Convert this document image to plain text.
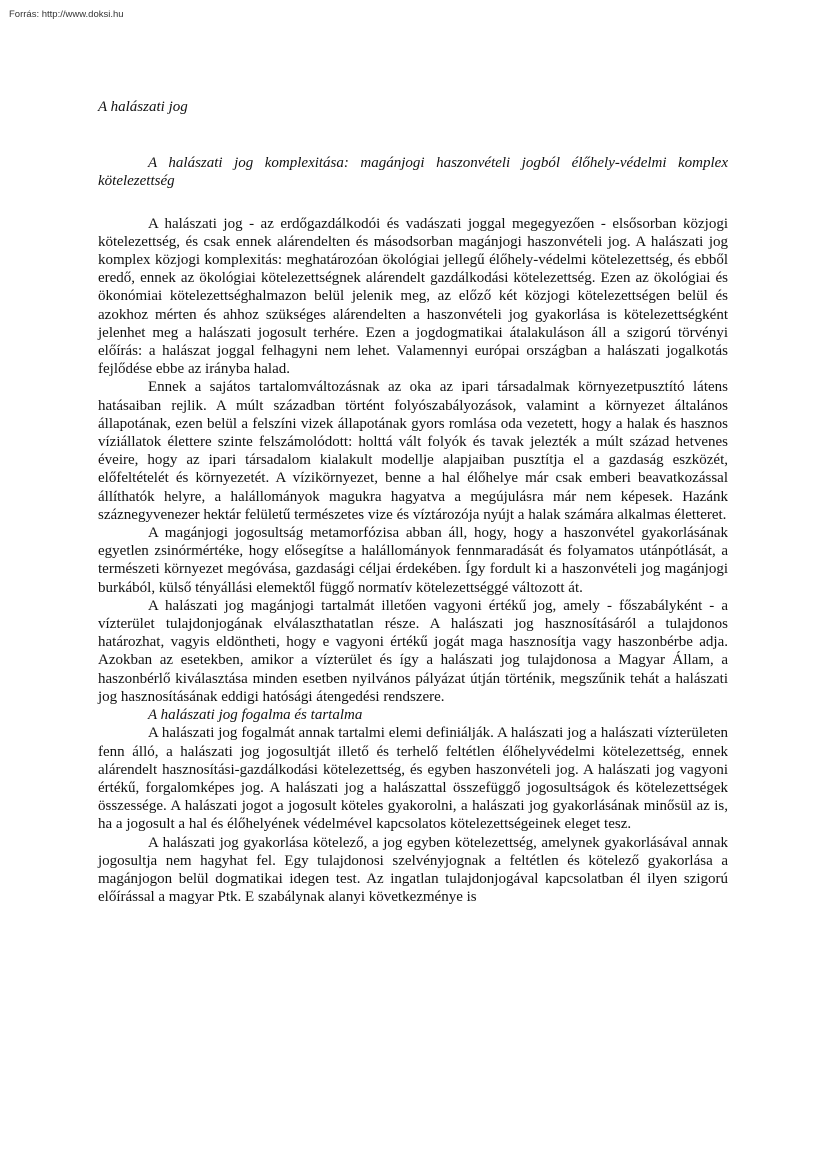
Forrás: http://www.doksi.hu

A halászati jog

A halászati jog komplexitása: magánjogi haszonvételi jogból élőhely-védelmi komplex kötelezettség

A halászati jog - az erdőgazdálkodói és vadászati joggal megegyezően - elsősorban közjogi kötelezettség, és csak ennek alárendelten és másodsorban magánjogi haszonvételi jog. A halászati jog komplex közjogi komplexitás: meghatározóan ökológiai jellegű élőhely-védelmi kötelezettség, és ebből eredő, ennek az ökológiai kötelezettségnek alárendelt gazdálkodási kötelezettség. Ezen az ökológiai és ökonómiai kötelezettséghalmazon belül jelenik meg, az előző két közjogi kötelezettségen belül és azokhoz mérten és ahhoz szükséges alárendelten a haszonvételi jog gyakorlása is kötelezettségként jelenhet meg a halászati jogosult terhére. Ezen a jogdogmatikai átalakuláson áll a szigorú törvényi előírás: a halászat joggal felhagyni nem lehet. Valamennyi európai országban a halászati jogalkotás fejlődése ebbe az irányba halad.

Ennek a sajátos tartalomváltozásnak az oka az ipari társadalmak környezetpusztító látens hatásaiban rejlik. A múlt században történt folyószabályozások, valamint a környezet általános állapotának, ezen belül a felszíni vizek állapotának gyors romlása oda vezetett, hogy a halak és hasznos víziállatok élettere szinte felszámolódott: holttá vált folyók és tavak jelezték a múlt század hetvenes éveire, hogy az ipari társadalom kialakult modellje alapjaiban pusztítja el a gazdaság eszközét, előfeltételét és környezetét. A vízikörnyezet, benne a hal élőhelye már csak emberi beavatkozással állíthatók helyre, a halállományok magukra hagyatva a megújulásra már nem képesek. Hazánk száznegyvenezer hektár felületű természetes vize és víztározója nyújt a halak számára alkalmas életteret.

A magánjogi jogosultság metamorfózisa abban áll, hogy, hogy a haszonvétel gyakorlásának egyetlen zsinórmértéke, hogy elősegítse a halállományok fennmaradását és folyamatos utánpótlását, a természeti környezet megóvása, gazdasági céljai érdekében. Így fordult ki a haszonvételi jog magánjogi burkából, külső tényállási elemektől függő normatív kötelezettséggé változott át.

A halászati jog magánjogi tartalmát illetően vagyoni értékű jog, amely - főszabályként - a vízterület tulajdonjogának elválaszthatatlan része. A halászati jog hasznosításáról a tulajdonos határozhat, vagyis eldöntheti, hogy e vagyoni értékű jogát maga hasznosítja vagy haszonbérbe adja. Azokban az esetekben, amikor a vízterület és így a halászati jog tulajdonosa a Magyar Állam, a haszonbérlő kiválasztása minden esetben nyilvános pályázat útján történik, megszűnik tehát a halászati jog hasznosításának eddigi hatósági átengedési rendszere.

A halászati jog fogalma és tartalma

A halászati jog fogalmát annak tartalmi elemi definiálják. A halászati jog a halászati vízterületen fenn álló, a halászati jog jogosultját illető és terhelő feltétlen élőhelyvédelmi kötelezettség, ennek alárendelt hasznosítási-gazdálkodási kötelezettség, és egyben haszonvételi jog. A halászati jog vagyoni értékű, forgalomképes jog. A halászati jog a halászattal összefüggő jogosultságok és kötelezettségek összessége. A halászati jogot a jogosult köteles gyakorolni, a halászati jog gyakorlásának minősül az is, ha a jogosult a hal és élőhelyének védelmével kapcsolatos kötelezettségeinek eleget tesz.

A halászati jog gyakorlása kötelező, a jog egyben kötelezettség, amelynek gyakorlásával annak jogosultja nem hagyhat fel. Egy tulajdonosi szelvényjognak a feltétlen és kötelező gyakorlása a magánjogon belül dogmatikai idegen test. Az ingatlan tulajdonjogával kapcsolatban él ilyen szigorú előírással a magyar Ptk. E szabálynak alanyi következménye is
